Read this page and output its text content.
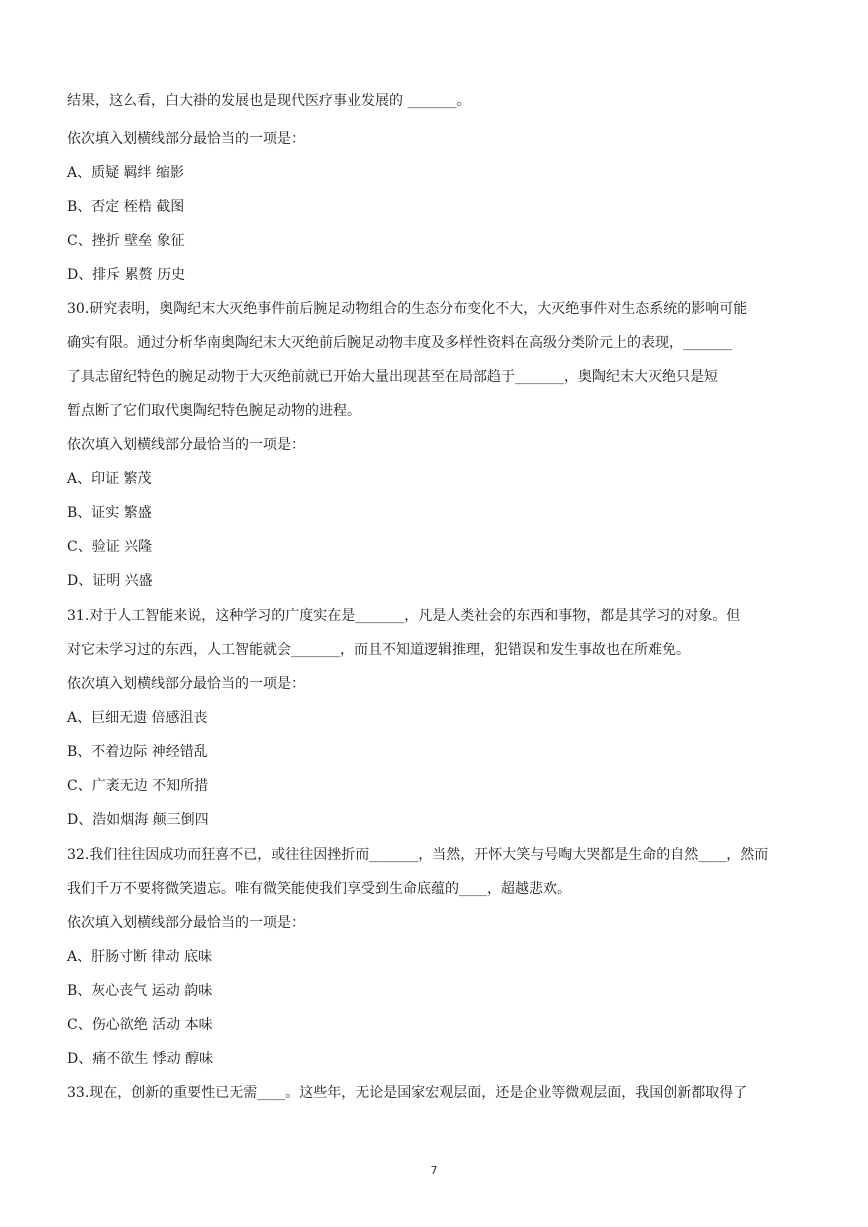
结果，这么看，白大褂的发展也是现代医疗事业发展的 _______。
依次填入划横线部分最恰当的一项是：
A、质疑 羁绊 缩影
B、否定 桎梏 截图
C、挫折 壁垒 象征
D、排斥 累赘 历史
30.研究表明，奥陶纪末大灭绝事件前后腕足动物组合的生态分布变化不大，大灭绝事件对生态系统的影响可能
确实有限。通过分析华南奥陶纪末大灭绝前后腕足动物丰度及多样性资料在高级分类阶元上的表现，_______
了具志留纪特色的腕足动物于大灭绝前就已开始大量出现甚至在局部趋于_______，奥陶纪末大灭绝只是短
暂点断了它们取代奥陶纪特色腕足动物的进程。
依次填入划横线部分最恰当的一项是：
A、印证 繁茂
B、证实 繁盛
C、验证 兴隆
D、证明 兴盛
31.对于人工智能来说，这种学习的广度实在是_______，凡是人类社会的东西和事物，都是其学习的对象。但
对它未学习过的东西，人工智能就会_______，而且不知道逻辑推理，犯错误和发生事故也在所难免。
依次填入划横线部分最恰当的一项是：
A、巨细无遗 倍感沮丧
B、不着边际 神经错乱
C、广袤无边 不知所措
D、浩如烟海 颠三倒四
32.我们往往因成功而狂喜不已，或往往因挫折而_______，当然，开怀大笑与号啕大哭都是生命的自然____，然而
我们千万不要将微笑遗忘。唯有微笑能使我们享受到生命底蕴的____，超越悲欢。
依次填入划横线部分最恰当的一项是：
A、肝肠寸断 律动 底味
B、灰心丧气 运动 韵味
C、伤心欲绝 活动 本味
D、痛不欲生 悸动 醇味
33.现在，创新的重要性已无需____。这些年，无论是国家宏观层面，还是企业等微观层面，我国创新都取得了
7
